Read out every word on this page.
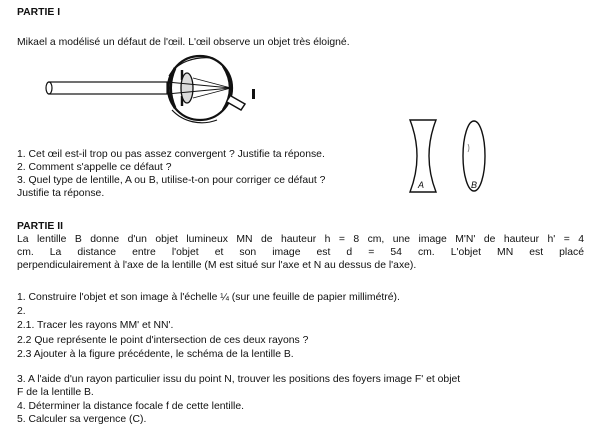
PARTIE I
Mikael a modélisé un défaut de l'œil. L'œil observe un objet très éloigné.
1. Cet œil est-il trop ou pas assez convergent ? Justifie ta réponse.
2. Comment s'appelle ce défaut ?
3. Quel type de lentille, A ou B, utilise-t-on pour corriger ce défaut ?
Justifie ta réponse.
A	B
PARTIE II
La lentille B donne d'un objet lumineux MN de hauteur h = 8 cm, une image M'N' de hauteur h' = 4
cm. La distance entre l'objet et son image est d = 54 cm. L'objet MN est placé
perpendiculairement à l'axe de la lentille (M est situé sur l'axe et N au dessus de l'axe).
1. Construire l'objet et son image à l'échelle ¼ (sur une feuille de papier millimétré).
2.
2.1. Tracer les rayons MM' et NN'.
2.2 Que représente le point d'intersection de ces deux rayons ?
2.3 Ajouter à la figure précédente, le schéma de la lentille B.
3. A l'aide d'un rayon particulier issu du point N, trouver les positions des foyers image F' et objet
F de la lentille B.
4. Déterminer la distance focale f de cette lentille.
5. Calculer sa vergence (C).
